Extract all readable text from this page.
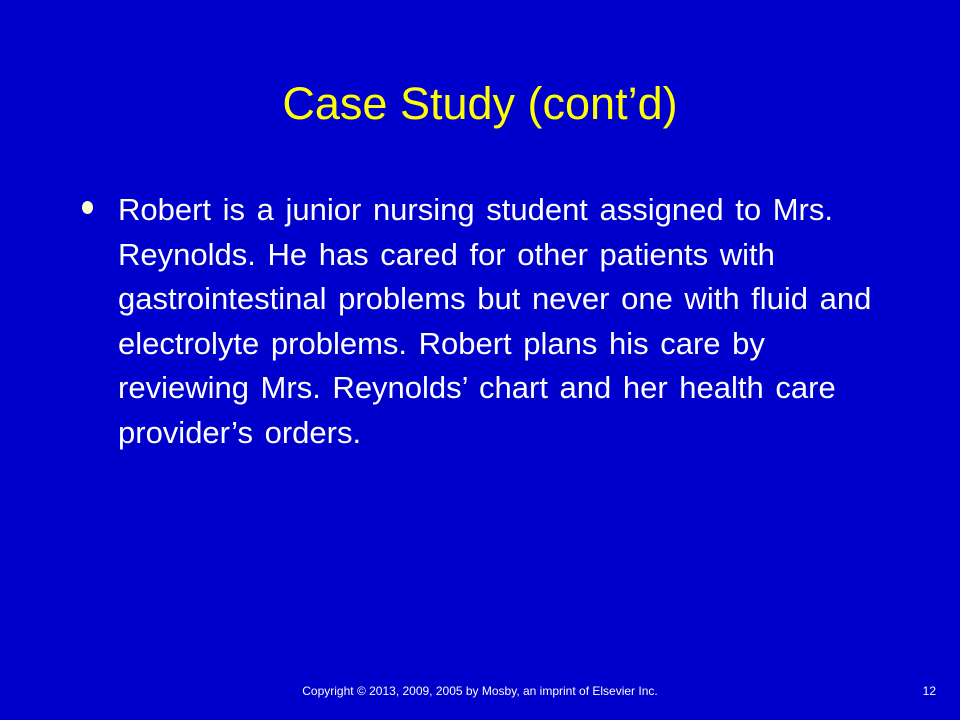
Case Study (cont’d)
Robert is a junior nursing student assigned to Mrs. Reynolds. He has cared for other patients with gastrointestinal problems but never one with fluid and electrolyte problems. Robert plans his care by reviewing Mrs. Reynolds’ chart and her health care provider’s orders.
Copyright © 2013, 2009, 2005 by Mosby, an imprint of Elsevier Inc.	12
